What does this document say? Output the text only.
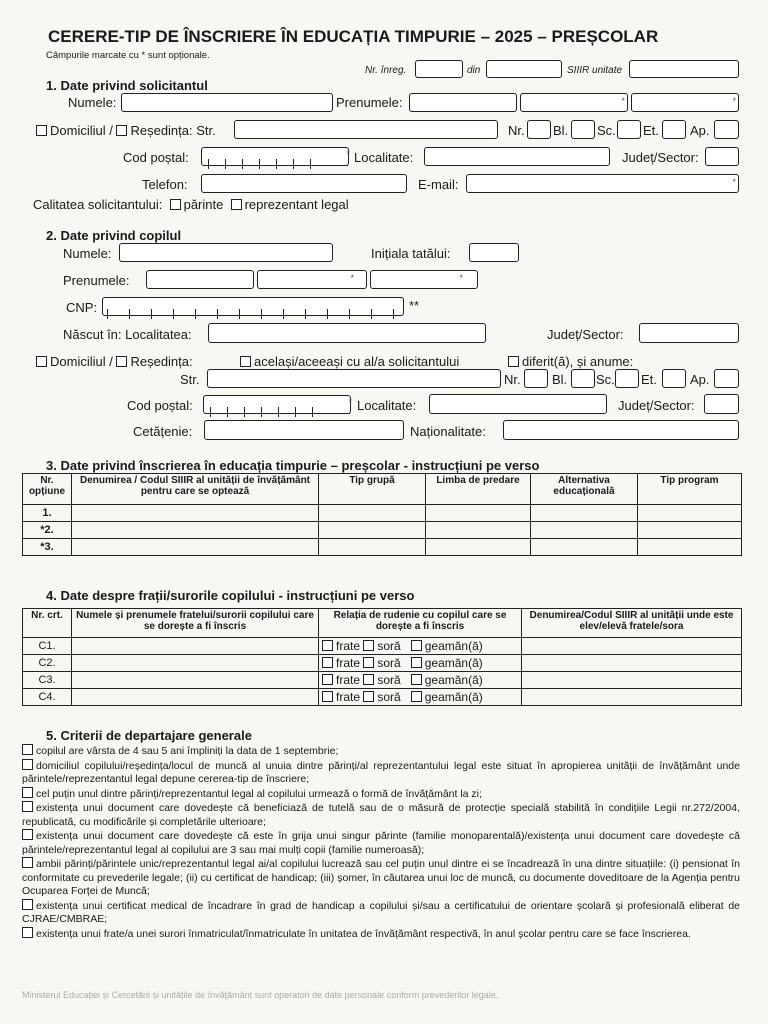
CERERE-TIP DE ÎNSCRIERE ÎN EDUCAȚIA TIMPURIE – 2025 – PREȘCOLAR
Câmpurile marcate cu * sunt opționale.
Nr. înreg.	din	SIIIR unitate
1. Date privind solicitantul
Numele:	Prenumele:	*	*
Domiciliul / Reședința: Str.	Nr. Bl. Sc. Et. Ap.
Cod poștal:	* Localitate:	Județ/Sector:
Telefon:	E-mail:	*
Calitatea solicitantului: părinte reprezentant legal
2. Date privind copilul
Numele:	Inițiala tatălui:
Prenumele:	*	*
CNP:	**
Născut în: Localitatea:	Județ/Sector:
Domiciliul / Reședința:	același/aceeași cu al/a solicitantului	diferit(ă), și anume:
Str.	Nr. Bl. Sc. Et.	Ap.
Cod poștal:	* Localitate:	Județ/Sector:
Cetățenie:	Naționalitate:
3. Date privind înscrierea în educația timpurie – preșcolar - instrucțiuni pe verso
Nr. opțiune	Denumirea / Codul SIIIR al unității de învățământ pentru care se optează	Tip grupă	Limba de predare	Alternativa educațională	Tip program
1.					
*2.					
*3.					
4. Date despre frații/surorile copilului - instrucțiuni pe verso
Nr. crt.	Numele și prenumele fratelui/surorii copilului care se dorește a fi înscris	Relația de rudenie cu copilul care se dorește a fi înscris	Denumirea/Codul SIIIR al unității unde este elev/elevă fratele/sora
C1.		frate soră geamăn(ă)	
C2.		frate soră geamăn(ă)	
C3.		frate soră geamăn(ă)	
C4.		frate soră geamăn(ă)	
5. Criterii de departajare generale

copilul are vârsta de 4 sau 5 ani împliniți la data de 1 septembrie;

domiciliul copilului/reședința/locul de muncă al unuia dintre părinți/al reprezentantului legal este situat în apropierea unității de învățământ unde părintele/reprezentantul legal depune cererea-tip de înscriere;

cel puțin unul dintre părinți/reprezentantul legal al copilului urmează o formă de învățământ la zi;

existența unui document care dovedește că beneficiază de tutelă sau de o măsură de protecție specială stabilită în condițiile Legii nr.272/2004, republicată, cu modificările și completările ulterioare;

existența unui document care dovedește că este în grija unui singur părinte (familie monoparentală)/existența unui document care dovedește că părintele/reprezentantul legal al copilului are 3 sau mai mulți copii (familie numeroasă);

ambii părinți/părintele unic/reprezentantul legal ai/al copilului lucrează sau cel puțin unul dintre ei se încadrează în una dintre situațiile: (i) pensionat în conformitate cu prevederile legale; (ii) cu certificat de handicap; (iii) șomer, în căutarea unui loc de muncă, cu documente doveditoare de la Agenția pentru Ocuparea Forței de Muncă;

existența unui certificat medical de încadrare în grad de handicap a copilului și/sau a certificatului de orientare școlară și profesională eliberat de CJRAE/CMBRAE;

existența unui frate/a unei surori înmatriculat/înmatriculate în unitatea de învățământ respectivă, în anul școlar pentru care se face înscrierea.

Ministerul Educației și Cercetării și unitățile de învățământ sunt operatori de date personale conform prevederilor legale.
